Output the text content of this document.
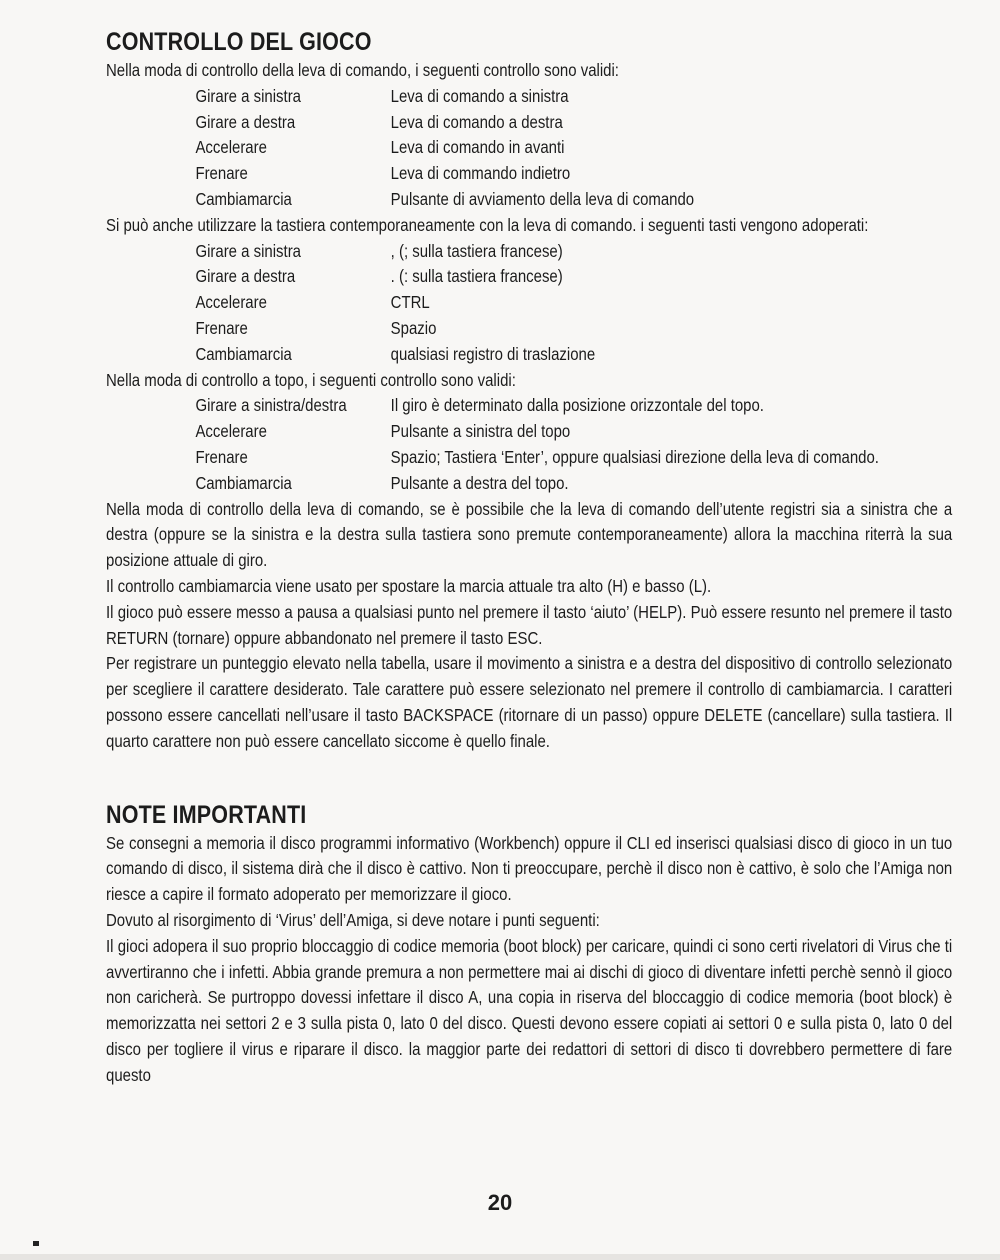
CONTROLLO DEL GIOCO

Nella moda di controllo della leva di comando, i seguenti controllo sono validi:

Girare a sinistra	Leva di comando a sinistra
Girare a destra	Leva di comando a destra
Accelerare	Leva di comando in avanti
Frenare	Leva di commando indietro
Cambiamarcia	Pulsante di avviamento della leva di comando

Si può anche utilizzare la tastiera contemporaneamente con la leva di comando. i seguenti tasti vengono adoperati:

Girare a sinistra	, (; sulla tastiera francese)
Girare a destra	. (: sulla tastiera francese)
Accelerare	CTRL
Frenare	Spazio
Cambiamarcia	qualsiasi registro di traslazione

Nella moda di controllo a topo, i seguenti controllo sono validi:

Girare a sinistra/destra	Il giro è determinato dalla posizione orizzontale del topo.
Accelerare	Pulsante a sinistra del topo
Frenare	Spazio; Tastiera ‘Enter’, oppure qualsiasi direzione della leva di comando.
Cambiamarcia	Pulsante a destra del topo.

Nella moda di controllo della leva di comando, se è possibile che la leva di comando dell’utente registri sia a sinistra che a destra (oppure se la sinistra e la destra sulla tastiera sono premute contemporaneamente) allora la macchina riterrà la sua posizione attuale di giro.

Il controllo cambiamarcia viene usato per spostare la marcia attuale tra alto (H) e basso (L).

Il gioco può essere messo a pausa a qualsiasi punto nel premere il tasto ‘aiuto’ (HELP). Può essere resunto nel premere il tasto RETURN (tornare) oppure abbandonato nel premere il tasto ESC.

Per registrare un punteggio elevato nella tabella, usare il movimento a sinistra e a destra del dispositivo di controllo selezionato per scegliere il carattere desiderato. Tale carattere può essere selezionato nel premere il controllo di cambiamarcia. I caratteri possono essere cancellati nell’usare il tasto BACKSPACE (ritornare di un passo) oppure DELETE (cancellare) sulla tastiera. Il quarto carattere non può essere cancellato siccome è quello finale.

NOTE IMPORTANTI

Se consegni a memoria il disco programmi informativo (Workbench) oppure il CLI ed inserisci qualsiasi disco di gioco in un tuo comando di disco, il sistema dirà che il disco è cattivo. Non ti preoccupare, perchè il disco non è cattivo, è solo che l’Amiga non riesce a capire il formato adoperato per memorizzare il gioco.

Dovuto al risorgimento di ‘Virus’ dell’Amiga, si deve notare i punti seguenti:

Il gioci adopera il suo proprio bloccaggio di codice memoria (boot block) per caricare, quindi ci sono certi rivelatori di Virus che ti avvertiranno che i infetti. Abbia grande premura a non permettere mai ai dischi di gioco di diventare infetti perchè sennò il gioco non caricherà. Se purtroppo dovessi infettare il disco A, una copia in riserva del bloccaggio di codice memoria (boot block) è memorizzatta nei settori 2 e 3 sulla pista 0, lato 0 del disco. Questi devono essere copiati ai settori 0 e sulla pista 0, lato 0 del disco per togliere il virus e riparare il disco. la maggior parte dei redattori di settori di disco ti dovrebbero permettere di fare questo

20
